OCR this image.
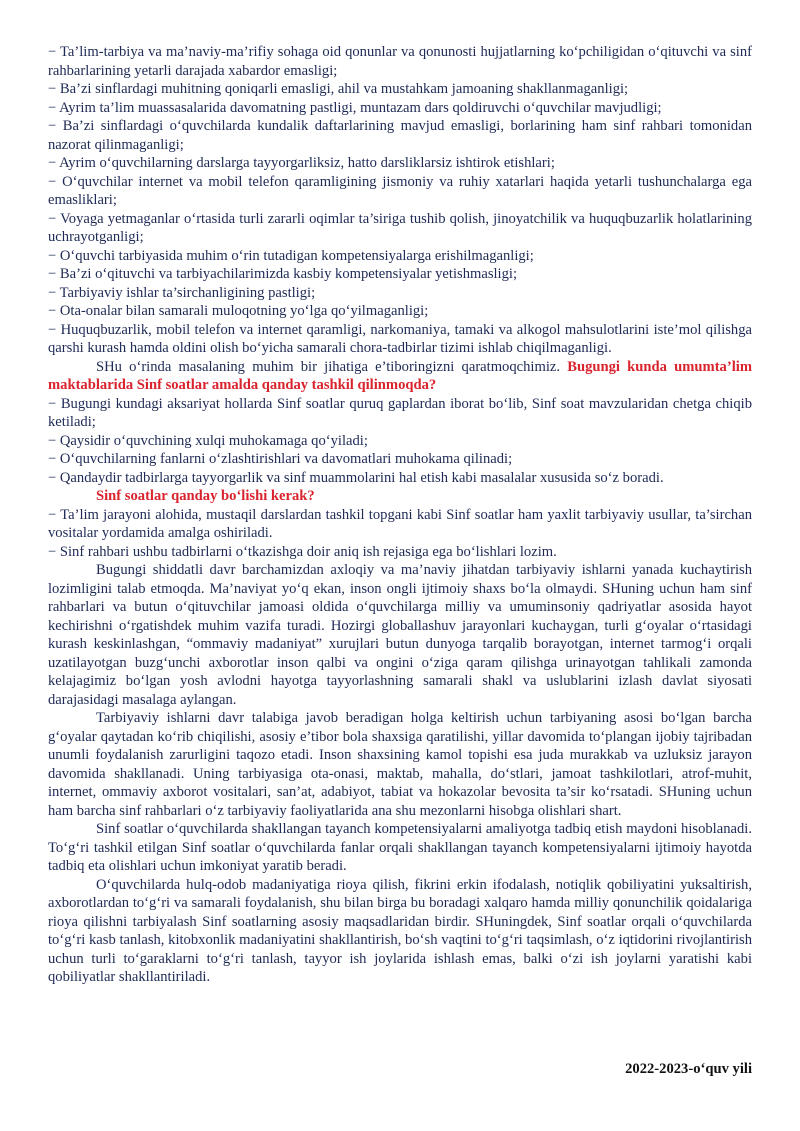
− Ta’lim-tarbiya va ma’naviy-ma’rifiy sohaga oid qonunlar va qonunosti hujjatlarning ko‘pchiligidan o‘qituvchi va sinf rahbarlarining yetarli darajada xabardor emasligi;

− Ba’zi sinflardagi muhitning qoniqarli emasligi, ahil va mustahkam jamoaning shakllanmaganligi;

− Ayrim ta’lim muassasalarida davomatning pastligi, muntazam dars qoldiruvchi o‘quvchilar mavjudligi;

− Ba’zi sinflardagi o‘quvchilarda kundalik daftarlarining mavjud emasligi, borlarining ham sinf rahbari tomonidan nazorat qilinmaganligi;

− Ayrim o‘quvchilarning darslarga tayyorgarliksiz, hatto darsliklarsiz ishtirok etishlari;

− O‘quvchilar internet va mobil telefon qaramligining jismoniy va ruhiy xatarlari haqida yetarli tushunchalarga ega emasliklari;

− Voyaga yetmaganlar o‘rtasida turli zararli oqimlar ta’siriga tushib qolish, jinoyatchilik va huquqbuzarlik holatlarining uchrayotganligi;

− O‘quvchi tarbiyasida muhim o‘rin tutadigan kompetensiyalarga erishilmaganligi;

− Ba’zi o‘qituvchi va tarbiyachilarimizda kasbiy kompetensiyalar yetishmasligi;

− Tarbiyaviy ishlar ta’sirchanligining pastligi;

− Ota-onalar bilan samarali muloqotning yo‘lga qo‘yilmaganligi;

− Huquqbuzarlik, mobil telefon va internet qaramligi, narkomaniya, tamaki va alkogol mahsulotlarini iste’mol qilishga qarshi kurash hamda oldini olish bo‘yicha samarali chora-tadbirlar tizimi ishlab chiqilmaganligi.

SHu o‘rinda masalaning muhim bir jihatiga e’tiboringizni qaratmoqchimiz. Bugungi kunda umumta’lim maktablarida Sinf soatlar amalda qanday tashkil qilinmoqda?

− Bugungi kundagi aksariyat hollarda Sinf soatlar quruq gaplardan iborat bo‘lib, Sinf soat mavzularidan chetga chiqib ketiladi;

− Qaysidir o‘quvchining xulqi muhokamaga qo‘yiladi;

− O‘quvchilarning fanlarni o‘zlashtirishlari va davomatlari muhokama qilinadi;

− Qandaydir tadbirlarga tayyorgarlik va sinf muammolarini hal etish kabi masalalar xususida so‘z boradi.

Sinf soatlar qanday bo‘lishi kerak?

− Ta’lim jarayoni alohida, mustaqil darslardan tashkil topgani kabi Sinf soatlar ham yaxlit tarbiyaviy usullar, ta’sirchan vositalar yordamida amalga oshiriladi.

− Sinf rahbari ushbu tadbirlarni o‘tkazishga doir aniq ish rejasiga ega bo‘lishlari lozim.

Bugungi shiddatli davr barchamizdan axloqiy va ma’naviy jihatdan tarbiyaviy ishlarni yanada kuchaytirish lozimligini talab etmoqda. Ma’naviyat yo‘q ekan, inson ongli ijtimoiy shaxs bo‘la olmaydi. SHuning uchun ham sinf rahbarlari va butun o‘qituvchilar jamoasi oldida o‘quvchilarga milliy va umuminsoniy qadriyatlar asosida hayot kechirishni o‘rgatishdek muhim vazifa turadi. Hozirgi globallashuv jarayonlari kuchaygan, turli g‘oyalar o‘rtasidagi kurash keskinlashgan, “ommaviy madaniyat” xurujlari butun dunyoga tarqalib borayotgan, internet tarmog‘i orqali uzatilayotgan buzg‘unchi axborotlar inson qalbi va ongini o‘ziga qaram qilishga urinayotgan tahlikali zamonda kelajagimiz bo‘lgan yosh avlodni hayotga tayyorlashning samarali shakl va uslublarini izlash davlat siyosati darajasidagi masalaga aylangan.

Tarbiyaviy ishlarni davr talabiga javob beradigan holga keltirish uchun tarbiyaning asosi bo‘lgan barcha g‘oyalar qaytadan ko‘rib chiqilishi, asosiy e’tibor bola shaxsiga qaratilishi, yillar davomida to‘plangan ijobiy tajribadan unumli foydalanish zarurligini taqozo etadi. Inson shaxsining kamol topishi esa juda murakkab va uzluksiz jarayon davomida shakllanadi. Uning tarbiyasiga ota-onasi, maktab, mahalla, do‘stlari, jamoat tashkilotlari, atrof-muhit, internet, ommaviy axborot vositalari, san’at, adabiyot, tabiat va hokazolar bevosita ta’sir ko‘rsatadi. SHuning uchun ham barcha sinf rahbarlari o‘z tarbiyaviy faoliyatlarida ana shu mezonlarni hisobga olishlari shart.

Sinf soatlar o‘quvchilarda shakllangan tayanch kompetensiyalarni amaliyotga tadbiq etish maydoni hisoblanadi. To‘g‘ri tashkil etilgan Sinf soatlar o‘quvchilarda fanlar orqali shakllangan tayanch kompetensiyalarni ijtimoiy hayotda tadbiq eta olishlari uchun imkoniyat yaratib beradi.

O‘quvchilarda hulq-odob madaniyatiga rioya qilish, fikrini erkin ifodalash, notiqlik qobiliyatini yuksaltirish, axborotlardan to‘g‘ri va samarali foydalanish, shu bilan birga bu boradagi xalqaro hamda milliy qonunchilik qoidalariga rioya qilishni tarbiyalash Sinf soatlarning asosiy maqsadlaridan birdir. SHuningdek, Sinf soatlar orqali o‘quvchilarda to‘g‘ri kasb tanlash, kitobxonlik madaniyatini shakllantirish, bo‘sh vaqtini to‘g‘ri taqsimlash, o‘z iqtidorini rivojlantirish uchun turli to‘garaklarni to‘g‘ri tanlash, tayyor ish joylarida ishlash emas, balki o‘zi ish joylarni yaratishi kabi qobiliyatlar shakllantiriladi.

2022-2023-o‘quv yili
